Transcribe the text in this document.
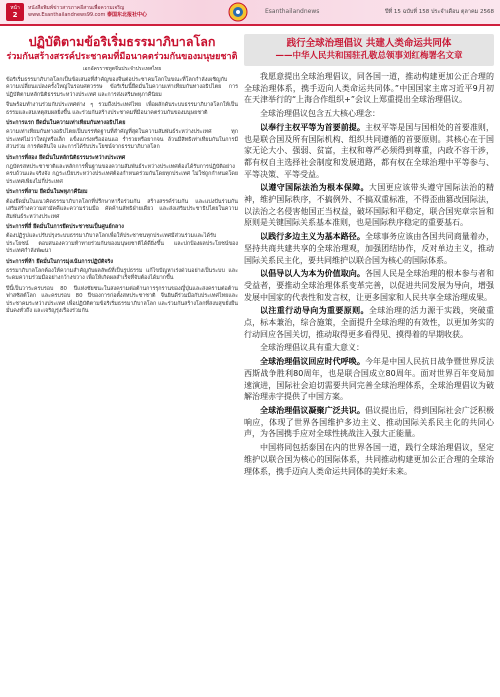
หน้า
2
หนังสือพิมพ์ข่าวสารภาคอีสานเพื่อความเจริญ
www.Esanthailandnews99.com 泰国东北报社中心	Esanthailandnews	ปีที่ 15 ฉบับที่ 158 ประจำเดือน ตุลาคม 2568
ปฏิบัติตามข้อริเริ่มธรรมาภิบาลโลก
ร่วมกันสร้างสรรค์ประชาคมที่มีอนาคตร่วมกันของมนุษยชาติ
เอกอัครราชทูตจีนประจำประเทศไทย

ข้อริเริ่มธรรมาภิบาลโลกเป็นข้อเสนอที่สำคัญของจีนต่อประชาคมโลกในขณะที่โลกกำลังเผชิญกับความเปลี่ยนแปลงครั้งใหญ่ในรอบศตวรรษ ข้อริเริ่มนี้ยึดมั่นในความเท่าเทียมกันทางอธิปไตย การปฏิบัติตามหลักนิติธรรมระหว่างประเทศ และการส่งเสริมพหุภาคีนิยม

จีนพร้อมทำงานร่วมกับประเทศต่าง ๆ รวมถึงประเทศไทย เพื่อผลักดันระบบธรรมาภิบาลโลกให้เป็นธรรมและสมเหตุสมผลยิ่งขึ้น และร่วมกันสร้างประชาคมที่มีอนาคตร่วมกันของมนุษยชาติ

ประการแรก ยึดมั่นในความเท่าเทียมกันทางอธิปไตย

ความเท่าเทียมกันทางอธิปไตยเป็นบรรทัดฐานที่สำคัญที่สุดในความสัมพันธ์ระหว่างประเทศ ทุกประเทศไม่ว่าใหญ่หรือเล็ก แข็งแกร่งหรืออ่อนแอ ร่ำรวยหรือยากจน ล้วนมีสิทธิเท่าเทียมกันในการมีส่วนร่วม การตัดสินใจ และการได้รับประโยชน์จากธรรมาภิบาลโลก

ประการที่สอง ยึดมั่นในหลักนิติธรรมระหว่างประเทศ

กฎบัตรสหประชาชาติและหลักการพื้นฐานของความสัมพันธ์ระหว่างประเทศต้องได้รับการปฏิบัติอย่างครบถ้วนและจริงจัง กฎระเบียบระหว่างประเทศต้องกำหนดร่วมกันโดยทุกประเทศ ไม่ใช่ถูกกำหนดโดยประเทศเพียงไม่กี่ประเทศ

ประการที่สาม ยึดมั่นในพหุภาคีนิยม

ต้องยึดมั่นในแนวคิดธรรมาภิบาลโลกที่ปรึกษาหารือร่วมกัน สร้างสรรค์ร่วมกัน และแบ่งปันร่วมกัน เสริมสร้างความสามัคคีและความร่วมมือ คัดค้านลัทธิฝ่ายเดียว และส่งเสริมประชาธิปไตยในความสัมพันธ์ระหว่างประเทศ

ประการที่สี่ ยึดมั่นในการยึดประชาชนเป็นศูนย์กลาง

ต้องปฏิรูปและปรับปรุงระบบธรรมาภิบาลโลกเพื่อให้ประชาชนทุกประเทศมีส่วนร่วมและได้รับประโยชน์ ตอบสนองความท้าทายร่วมกันของมนุษยชาติได้ดียิ่งขึ้น และปกป้องผลประโยชน์ของประเทศกำลังพัฒนา

ประการที่ห้า ยึดมั่นในการมุ่งเน้นการปฏิบัติจริง

ธรรมาภิบาลโลกต้องให้ความสำคัญกับผลลัพธ์ที่เป็นรูปธรรม แก้ไขปัญหาเร่งด่วนอย่างเป็นระบบ และระดมความร่วมมืออย่างกว้างขวาง เพื่อให้เกิดผลสำเร็จที่จับต้องได้มากขึ้น

ปีนี้เป็นวาระครบรอบ 80 ปีแห่งชัยชนะในสงครามต่อต้านการรุกรานของญี่ปุ่นและสงครามต่อต้านฟาสซิสต์โลก และครบรอบ 80 ปีของการก่อตั้งสหประชาชาติ จีนยินดีร่วมมือกับประเทศไทยและประชาคมระหว่างประเทศ เพื่อปฏิบัติตามข้อริเริ่มธรรมาภิบาลโลก และร่วมกันสร้างโลกที่สงบสุขยั่งยืน มั่นคงทั่วถึง และเจริญรุ่งเรืองร่วมกัน

践行全球治理倡议 共建人类命运共同体
——中华人民共和国驻孔敬总领事刘红梅署名文章

我愿意提出全球治理倡议，同各国一道，推动构建更加公正合理的全球治理体系，携手迈向人类命运共同体。”中国国家主席习近平9月初在天津举行的“上海合作组织+”会议上郑重提出全球治理倡议。

全球治理倡议包含五大核心理念：

以奉行主权平等为首要前提。主权平等是国与国相处的首要准则，也是联合国及所有国际机构、组织共同遵循的首要原则。其核心在于国家无论大小、强弱、贫富，主权和尊严必须得到尊重，内政不容干涉，都有权自主选择社会制度和发展道路，都有权在全球治理中平等参与、平等决策、平等受益。

以遵守国际法治为根本保障。大国更应该带头遵守国际法治的精神，维护国际秩序，不搞例外、不搞双重标准，不得歪曲篡改国际法，以法治之名侵害他国正当权益，破坏国际和平稳定，联合国宪章宗旨和原则是关键国际关系基本准则，也是国际秩序稳定的重要基石。

以践行多边主义为基本路径。全球事务应该由各国共同商量着办，坚持共商共建共享的全球治理观，加强团结协作，反对单边主义，推动国际关系民主化，要共同维护以联合国为核心的国际体系。

以倡导以人为本为价值取向。各国人民是全球治理的根本参与者和受益者，要推动全球治理体系变革完善，以促进共同发展为导向，增强发展中国家的代表性和发言权，让更多国家和人民共享全球治理成果。

以注重行动导向为重要原则。全球治理的活力源于实践，突破重点，标本兼治，综合施策，全面提升全球治理的有效性，以更加务实的行动回应各国关切，推动取得更多看得见、摸得着的早期收获。

全球治理倡议具有重大意义：

全球治理倡议回应时代呼唤。今年是中国人民抗日战争暨世界反法西斯战争胜利80周年，也是联合国成立80周年。面对世界百年变局加速演进，国际社会迫切需要共同完善全球治理体系，全球治理倡议为破解治理赤字提供了中国方案。

全球治理倡议凝聚广泛共识。倡议提出后，得到国际社会广泛积极响应，体现了世界各国维护多边主义、推动国际关系民主化的共同心声，为各国携手应对全球性挑战注入强大正能量。

中国将同包括泰国在内的世界各国一道，践行全球治理倡议，坚定维护以联合国为核心的国际体系，共同推动构建更加公正合理的全球治理体系，携手迈向人类命运共同体的美好未来。
